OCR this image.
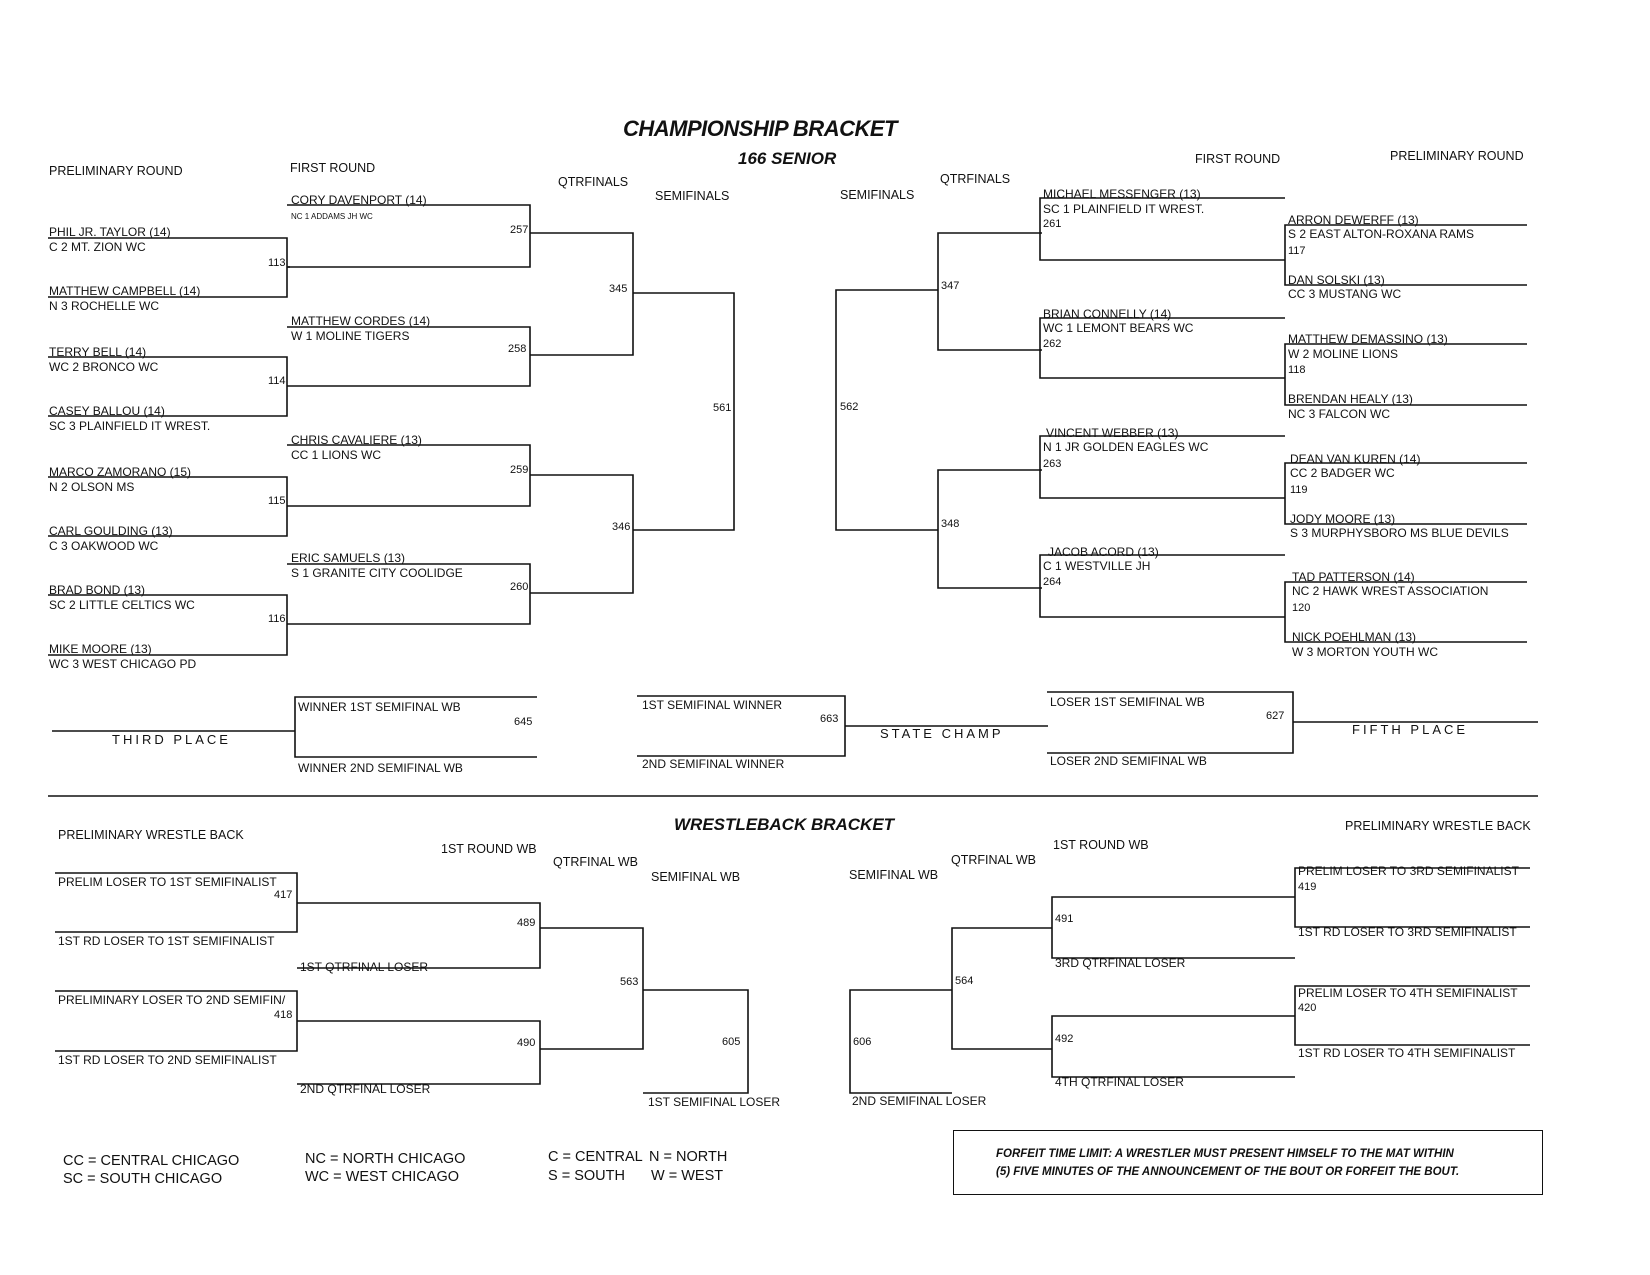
CHAMPIONSHIP BRACKET
166 SENIOR
PRELIMINARY ROUND	FIRST ROUND
QTRFINALS
SEMIFINALS	SEMIFINALS
QTRFINALS
FIRST ROUND	PRELIMINARY ROUND
PHIL JR. TAYLOR (14)
C 2 MT. ZION WC
MATTHEW CAMPBELL (14)
N 3 ROCHELLE WC
TERRY BELL (14)
WC 2 BRONCO WC
CASEY BALLOU (14)
SC 3 PLAINFIELD IT WREST.
MARCO ZAMORANO (15)
N 2 OLSON MS
CARL GOULDING (13)
C 3 OAKWOOD WC
BRAD BOND (13)
SC 2 LITTLE CELTICS WC
MIKE MOORE (13)
WC 3 WEST CHICAGO PD
113
114
115
116
CORY DAVENPORT (14)
NC 1 ADDAMS JH WC
257
MATTHEW CORDES (14)
W 1 MOLINE TIGERS
258
CHRIS CAVALIERE (13)
CC 1 LIONS WC
259
ERIC SAMUELS (13)
S 1 GRANITE CITY COOLIDGE
260
345
346
561	562
347
348
MICHAEL MESSENGER (13)
SC 1 PLAINFIELD IT WREST.
261
BRIAN CONNELLY (14)
WC 1 LEMONT BEARS WC
262
VINCENT WEBBER (13)
N 1 JR GOLDEN EAGLES WC
263
JACOB ACORD (13)
C 1 WESTVILLE JH
264
ARRON DEWERFF (13)
S 2 EAST ALTON-ROXANA RAMS
117
DAN SOLSKI (13)
CC 3 MUSTANG WC
MATTHEW DEMASSINO (13)
W 2 MOLINE LIONS
118
BRENDAN HEALY (13)
NC 3 FALCON WC
DEAN VAN KUREN (14)
CC 2 BADGER WC
119
JODY MOORE (13)
S 3 MURPHYSBORO MS BLUE DEVILS
TAD PATTERSON (14)
NC 2 HAWK WREST ASSOCIATION
120
NICK POEHLMAN (13)
W 3 MORTON YOUTH WC
WINNER 1ST SEMIFINAL WB
645
WINNER 2ND SEMIFINAL WB
THIRD PLACE
1ST SEMIFINAL WINNER
663
2ND SEMIFINAL WINNER
STATE CHAMP
LOSER 1ST SEMIFINAL WB
627
LOSER 2ND SEMIFINAL WB
FIFTH PLACE
WRESTLEBACK BRACKET
PRELIMINARY WRESTLE BACK
1ST ROUND WB
QTRFINAL WB
SEMIFINAL WB	SEMIFINAL WB
QTRFINAL WB
1ST ROUND WB
PRELIMINARY WRESTLE BACK
PRELIM LOSER TO 1ST SEMIFINALIST
417
1ST RD LOSER TO 1ST SEMIFINALIST
PRELIMINARY LOSER TO 2ND SEMIFIN/
418
1ST RD LOSER TO 2ND SEMIFINALIST
489
1ST QTRFINAL LOSER
490
2ND QTRFINAL LOSER
563
605
1ST SEMIFINAL LOSER
606
2ND SEMIFINAL LOSER
564
491
3RD QTRFINAL LOSER
492
4TH QTRFINAL LOSER
PRELIM LOSER TO 3RD SEMIFINALIST
419
1ST RD LOSER TO 3RD SEMIFINALIST
PRELIM LOSER TO 4TH SEMIFINALIST
420
1ST RD LOSER TO 4TH SEMIFINALIST
CC = CENTRAL CHICAGO
SC = SOUTH CHICAGO
NC = NORTH CHICAGO
WC = WEST CHICAGO
C = CENTRAL N = NORTH
S = SOUTH W = WEST
FORFEIT TIME LIMIT: A WRESTLER MUST PRESENT HIMSELF TO THE MAT WITHIN
(5) FIVE MINUTES OF THE ANNOUNCEMENT OF THE BOUT OR FORFEIT THE BOUT.
